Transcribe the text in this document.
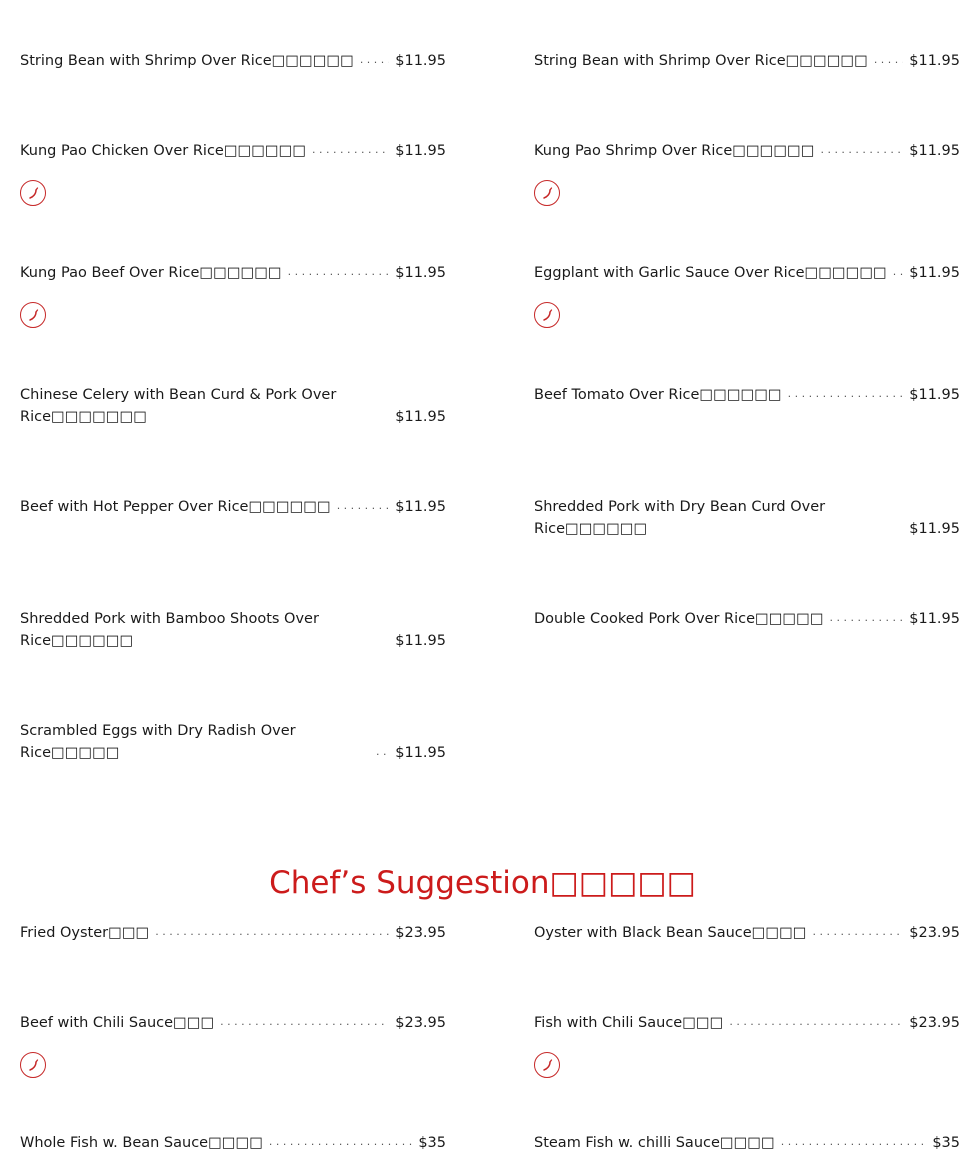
String Bean with Shrimp Over Rice□□□□□□ . . .	$11.95
Kung Pao Chicken Over Rice□□□□□□ . . .	$11.95
Kung Pao Beef Over Rice□□□□□□ . . .	$11.95
Chinese Celery with Bean Curd & Pork Over Rice□□□□□□□	$11.95
Beef with Hot Pepper Over Rice□□□□□□ . . .	$11.95
Shredded Pork with Bamboo Shoots Over Rice□□□□□□	$11.95
Scrambled Eggs with Dry Radish Over Rice□□□□□ . . .	$11.95
String Bean with Shrimp Over Rice□□□□□□ . . .	$11.95
Kung Pao Shrimp Over Rice□□□□□□ . . .	$11.95
Eggplant with Garlic Sauce Over Rice□□□□□□ . . . $11.95
Beef Tomato Over Rice□□□□□□ . . .	$11.95
Shredded Pork with Dry Bean Curd Over Rice□□□□□□	$11.95
Double Cooked Pork Over Rice□□□□□ . . .	$11.95
Chef’s Suggestion□□□□□
Fried Oyster□□□ . . .	$23.95
Beef with Chili Sauce□□□ . . .	$23.95
Whole Fish w. Bean Sauce□□□□ . . .	$35
Oyster with Black Bean Sauce□□□□ . . .	$23.95
Fish with Chili Sauce□□□ . . .	$23.95
Steam Fish w. chilli Sauce□□□□ . . .	$35
